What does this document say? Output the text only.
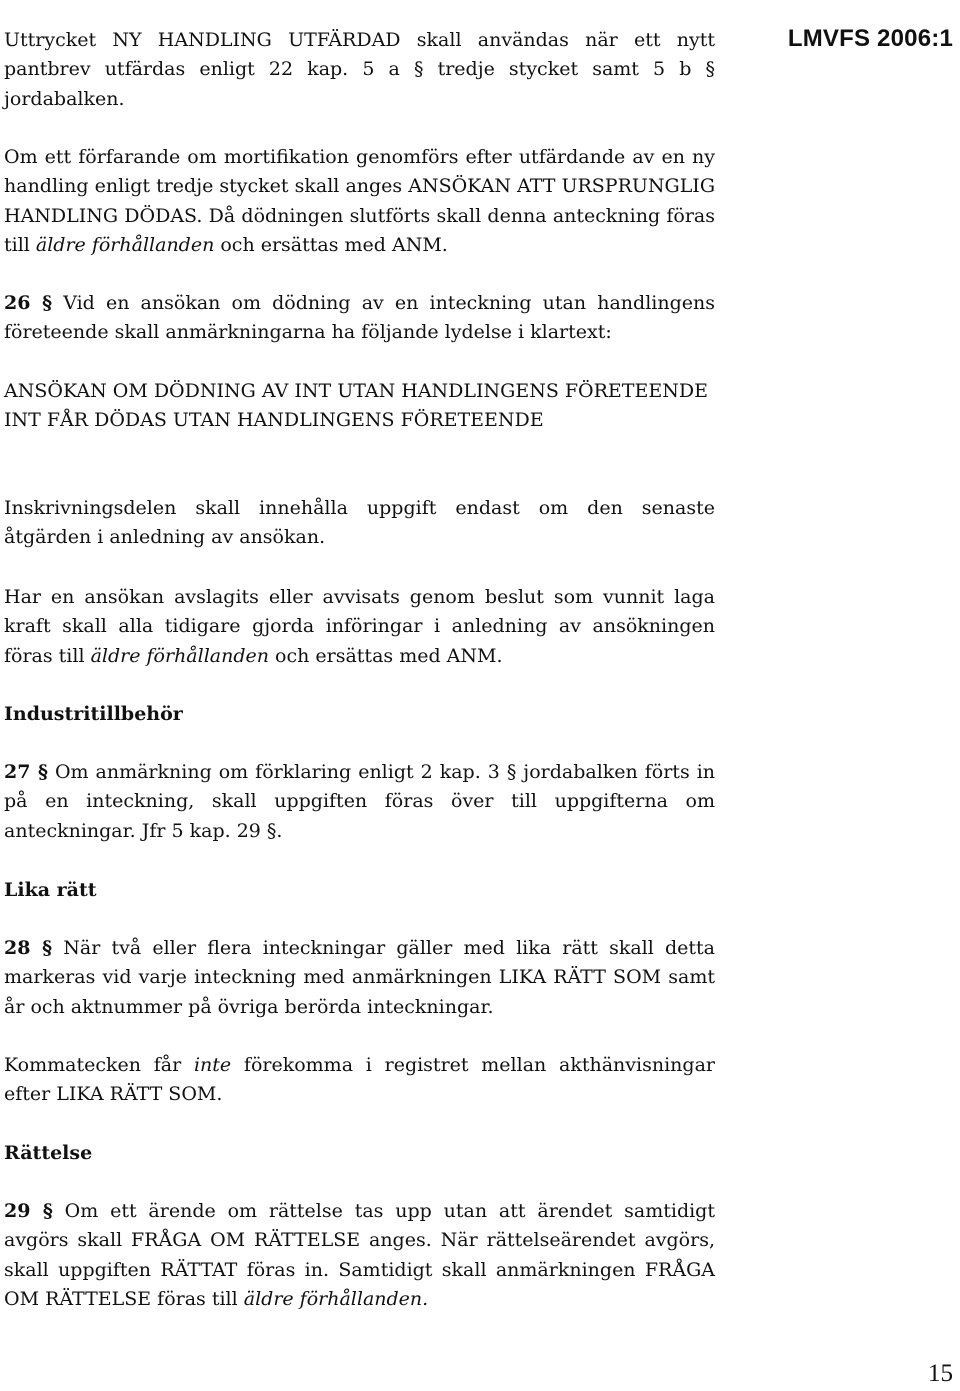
LMVFS 2006:1

Uttrycket NY HANDLING UTFÄRDAD skall användas när ett nytt pantbrev utfärdas enligt 22 kap. 5 a § tredje stycket samt 5 b § jordabalken.

Om ett förfarande om mortifikation genomförs efter utfärdande av en ny handling enligt tredje stycket skall anges ANSÖKAN ATT URSPRUNGLIG HANDLING DÖDAS. Då dödningen slutförts skall denna anteckning föras till äldre förhållanden och ersättas med ANM.

26 § Vid en ansökan om dödning av en inteckning utan handlingens företeende skall anmärkningarna ha följande lydelse i klartext:

ANSÖKAN OM DÖDNING AV INT UTAN HANDLINGENS FÖRETEENDE
INT FÅR DÖDAS UTAN HANDLINGENS FÖRETEENDE

Inskrivningsdelen skall innehålla uppgift endast om den senaste åtgärden i anledning av ansökan.

Har en ansökan avslagits eller avvisats genom beslut som vunnit laga kraft skall alla tidigare gjorda införingar i anledning av ansökningen föras till äldre förhållanden och ersättas med ANM.

Industritillbehör

27 § Om anmärkning om förklaring enligt 2 kap. 3 § jordabalken förts in på en inteckning, skall uppgiften föras över till uppgifterna om anteckningar. Jfr 5 kap. 29 §.

Lika rätt

28 § När två eller flera inteckningar gäller med lika rätt skall detta markeras vid varje inteckning med anmärkningen LIKA RÄTT SOM samt år och aktnummer på övriga berörda inteckningar.

Kommatecken får inte förekomma i registret mellan akthänvisningar efter LIKA RÄTT SOM.

Rättelse

29 § Om ett ärende om rättelse tas upp utan att ärendet samtidigt avgörs skall FRÅGA OM RÄTTELSE anges. När rättelseärendet avgörs, skall uppgiften RÄTTAT föras in. Samtidigt skall anmärkningen FRÅGA OM RÄTTELSE föras till äldre förhållanden.

15
